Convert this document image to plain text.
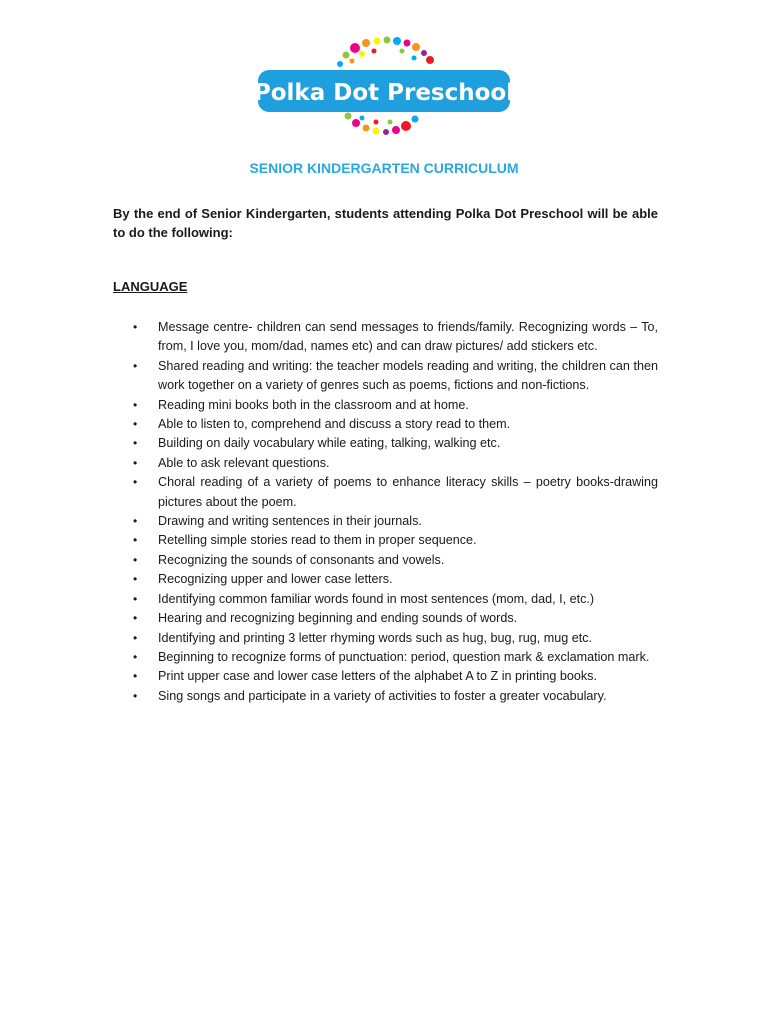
Polka Dot Preschool
SENIOR KINDERGARTEN CURRICULUM
By the end of Senior Kindergarten, students attending Polka Dot Preschool will be able to do the following:
LANGUAGE
• Message centre- children can send messages to friends/family. Recognizing words – To, from, I love you, mom/dad, names etc) and can draw pictures/ add stickers etc.
• Shared reading and writing: the teacher models reading and writing, the children can then work together on a variety of genres such as poems, fictions and non-fictions.
• Reading mini books both in the classroom and at home.
• Able to listen to, comprehend and discuss a story read to them.
• Building on daily vocabulary while eating, talking, walking etc.
• Able to ask relevant questions.
• Choral reading of a variety of poems to enhance literacy skills – poetry books-drawing pictures about the poem.
• Drawing and writing sentences in their journals.
• Retelling simple stories read to them in proper sequence.
• Recognizing the sounds of consonants and vowels.
• Recognizing upper and lower case letters.
• Identifying common familiar words found in most sentences (mom, dad, I, etc.)
• Hearing and recognizing beginning and ending sounds of words.
• Identifying and printing 3 letter rhyming words such as hug, bug, rug, mug etc.
• Beginning to recognize forms of punctuation: period, question mark & exclamation mark.
• Print upper case and lower case letters of the alphabet A to Z in printing books.
• Sing songs and participate in a variety of activities to foster a greater vocabulary.
